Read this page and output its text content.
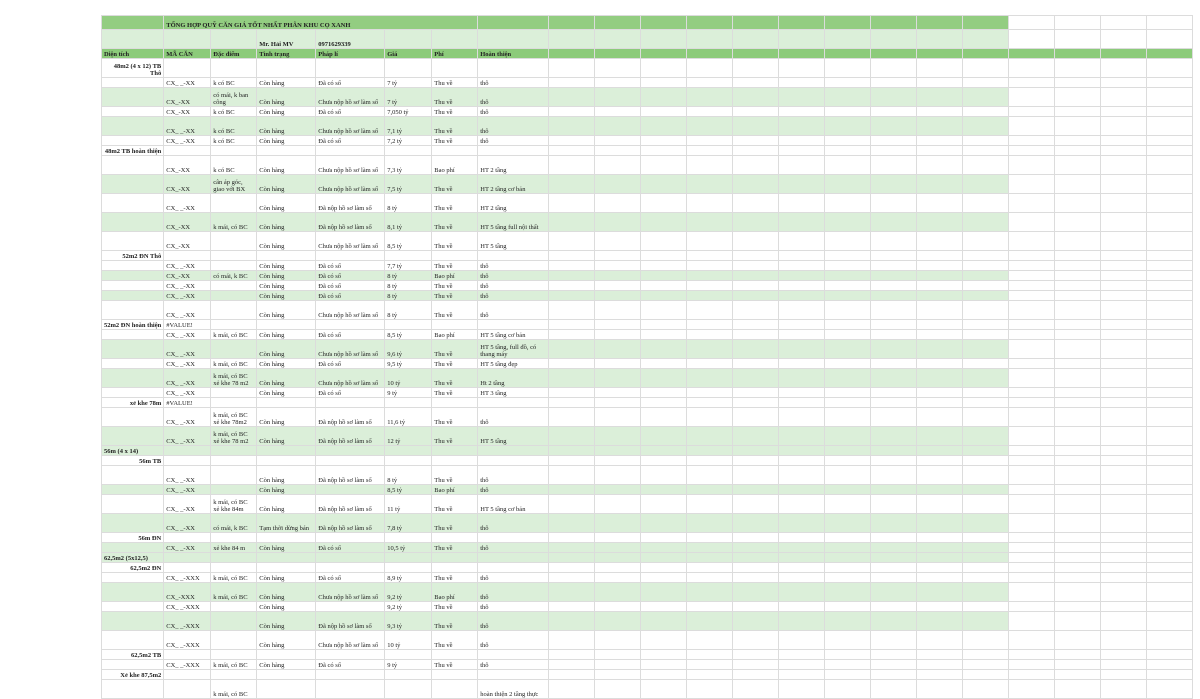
	TỔNG HỢP QUỸ CĂN GIÁ TỐT NHẤT PHÂN KHU CỌ XANH																				
			Mr. Hải MV	0971629339																	
Diện tích	MÃ CĂN	Đặc điểm	Tình trạng	Pháp lí	Giá	Phí	Hoàn thiện														
48m2 (4 x 12) TB Thô																					
	CX_ _-XX	k có BC	Còn hàng	Đã có sổ	7 tỷ	Thu về	thô														
	CX_-XX	có mái, k ban công	Còn hàng	Chưa nộp hồ sơ làm sổ	7 tỷ	Thu về	thô														
	CX_-XX	k có BC	Còn hàng	Đã có sổ	7,050 tỷ	Thu về	thô														
	CX_ _-XX	k có BC	Còn hàng	Chưa nộp hồ sơ làm sổ	7,1 tỷ	Thu về	thô														
	CX_ _-XX	k có BC	Còn hàng	Đã có sổ	7,2 tỷ	Thu về	thô														
48m2 TB hoàn thiện																					
	CX_-XX	k có BC	Còn hàng	Chưa nộp hồ sơ làm sổ	7,3 tỷ	Bao phí	HT 2 tầng														
	CX_-XX	cân áp góc, giao với BX	Còn hàng	Chưa nộp hồ sơ làm sổ	7,5 tỷ	Thu về	HT 2 tầng cơ bản														
	CX_ _-XX		Còn hàng	Đã nộp hồ sơ làm sổ	8 tỷ	Thu về	HT 2 tầng														
	CX_-XX	k mái, có BC	Còn hàng	Đã nộp hồ sơ làm sổ	8,1 tỷ	Thu về	HT 5 tầng full nội thất														
	CX_-XX		Còn hàng	Chưa nộp hồ sơ làm sổ	8,5 tỷ	Thu về	HT 5 tầng														
52m2 ĐN Thô																					
	CX_ _-XX		Còn hàng	Đã có sổ	7,7 tỷ	Thu về	thô														
	CX_-XX	có mái, k BC	Còn hàng	Đã có sổ	8 tỷ	Bao phí	thô														
	CX_ _-XX		Còn hàng	Đã có sổ	8 tỷ	Thu về	thô														
	CX_ _-XX		Còn hàng	Đã có sổ	8 tỷ	Thu về	thô														
	CX_ _-XX		Còn hàng	Chưa nộp hồ sơ làm sổ	8 tỷ	Thu về	thô														
52m2 ĐN hoàn thiện	#VALUE!																				
	CX_ _-XX	k mái, có BC	Còn hàng	Đã có sổ	8,5 tỷ	Bao phí	HT 5 tầng cơ bản														
	CX_ _-XX		Còn hàng	Chưa nộp hồ sơ làm sổ	9,6 tỷ	Thu về	HT 5 tầng, full đồ, có thang máy														
	CX_ _-XX	k mái, có BC	Còn hàng	Đã có sổ	9,5 tỷ	Thu về	HT 5 tầng đẹp														
	CX_ _-XX	k mái, có BC xẻ khe 78 m2	Còn hàng	Chưa nộp hồ sơ làm sổ	10 tỷ	Thu về	Ht 2 tầng														
	CX_ _-XX		Còn hàng	Đã có sổ	9 tỷ	Thu về	HT 3 tầng														
xẻ khe 78m	#VALUE!																				
	CX_ _-XX	k mái, có BC xẻ khe 78m2	Còn hàng	Đã nộp hồ sơ làm sổ	11,6 tỷ	Thu về	thô														
	CX_ _-XX	k mái, có BC xẻ khe 78 m2	Còn hàng	Đã nộp hồ sơ làm sổ	12 tỷ	Thu về	HT 5 tầng														
56m (4 x 14)																					
56m TB																					
	CX_ _-XX		Còn hàng	Đã nộp hồ sơ làm sổ	8 tỷ	Thu về	thô														
	CX_ _-XX		Còn hàng		8,5 tỷ	Bao phí	thô														
	CX_ _-XX	k mái, có BC xẻ khe 84m	Còn hàng	Đã nộp hồ sơ làm sổ	11 tỷ	Thu về	HT 5 tầng cơ bản														
	CX_ _-XX	có mái, k BC	Tạm thời dừng bán	Đã nộp hồ sơ làm sổ	7,8 tỷ	Thu về	thô														
56m ĐN																					
	CX_ _-XX	xẻ khe 84 m	Còn hàng	Đã có sổ	10,5 tỷ	Thu về	thô														
62,5m2 (5x12,5)																					
62,5m2 ĐN																					
	CX_ _-XXX	k mái, có BC	Còn hàng	Đã có sổ	8,9 tỷ	Thu về	thô														
	CX_-XXX	k mái, có BC	Còn hàng	Chưa nộp hồ sơ làm sổ	9,2 tỷ	Bao phí	thô														
	CX_ _-XXX		Còn hàng		9,2 tỷ	Thu về	thô														
	CX_ _-XXX		Còn hàng	Đã nộp hồ sơ làm sổ	9,3 tỷ	Thu về	thô														
	CX_ _-XXX		Còn hàng	Chưa nộp hồ sơ làm sổ	10 tỷ	Thu về	thô														
62,5m2 TB																					
	CX_ _-XXX	k mái, có BC	Còn hàng	Đã có sổ	9 tỷ	Thu về	thô														
Xẻ khe 87,5m2																					
		k mái, có BC					hoàn thiện 2 tầng thực														
